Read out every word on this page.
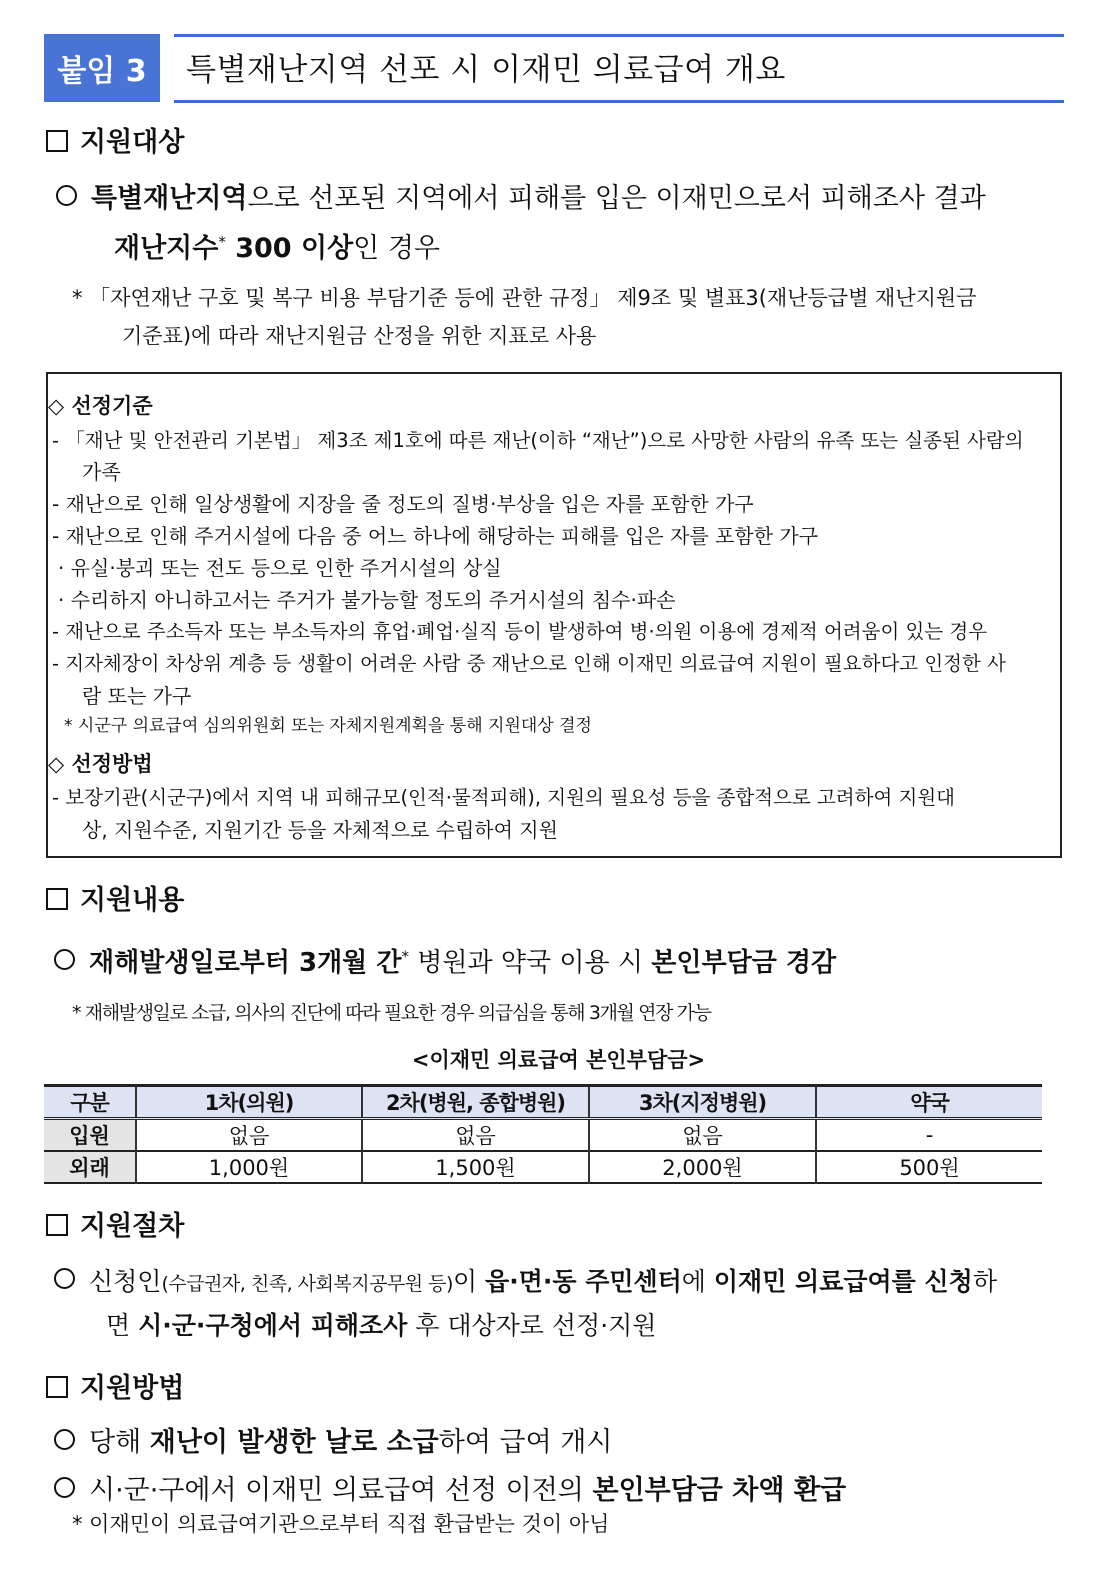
붙임 3	특별재난지역 선포 시 이재민 의료급여 개요
지원대상
특별재난지역으로 선포된 지역에서 피해를 입은 이재민으로서 피해조사 결과
재난지수* 300 이상인 경우
* 「자연재난 구호 및 복구 비용 부담기준 등에 관한 규정」 제9조 및 별표3(재난등급별 재난지원금
기준표)에 따라 재난지원금 산정을 위한 지표로 사용
◇ 선정기준
- 「재난 및 안전관리 기본법」 제3조 제1호에 따른 재난(이하 “재난”)으로 사망한 사람의 유족 또는 실종된 사람의
가족
- 재난으로 인해 일상생활에 지장을 줄 정도의 질병·부상을 입은 자를 포함한 가구
- 재난으로 인해 주거시설에 다음 중 어느 하나에 해당하는 피해를 입은 자를 포함한 가구
· 유실·붕괴 또는 전도 등으로 인한 주거시설의 상실
· 수리하지 아니하고서는 주거가 불가능할 정도의 주거시설의 침수·파손
- 재난으로 주소득자 또는 부소득자의 휴업·폐업·실직 등이 발생하여 병·의원 이용에 경제적 어려움이 있는 경우
- 지자체장이 차상위 계층 등 생활이 어려운 사람 중 재난으로 인해 이재민 의료급여 지원이 필요하다고 인정한 사
람 또는 가구
* 시군구 의료급여 심의위원회 또는 자체지원계획을 통해 지원대상 결정
◇ 선정방법
- 보장기관(시군구)에서 지역 내 피해규모(인적·물적피해), 지원의 필요성 등을 종합적으로 고려하여 지원대
상, 지원수준, 지원기간 등을 자체적으로 수립하여 지원
지원내용
재해발생일로부터 3개월 간* 병원과 약국 이용 시 본인부담금 경감
* 재해발생일로 소급, 의사의 진단에 따라 필요한 경우 의급심을 통해 3개월 연장 가능
<이재민 의료급여 본인부담금>
구분	1차(의원)	2차(병원, 종합병원)	3차(지정병원)	약국
입원	없음	없음	없음	-
외래	1,000원	1,500원	2,000원	500원
지원절차
신청인(수급권자, 친족, 사회복지공무원 등)이 읍·면·동 주민센터에 이재민 의료급여를 신청하
면 시·군·구청에서 피해조사 후 대상자로 선정·지원
지원방법
당해 재난이 발생한 날로 소급하여 급여 개시
시·군·구에서 이재민 의료급여 선정 이전의 본인부담금 차액 환급
* 이재민이 의료급여기관으로부터 직접 환급받는 것이 아님
